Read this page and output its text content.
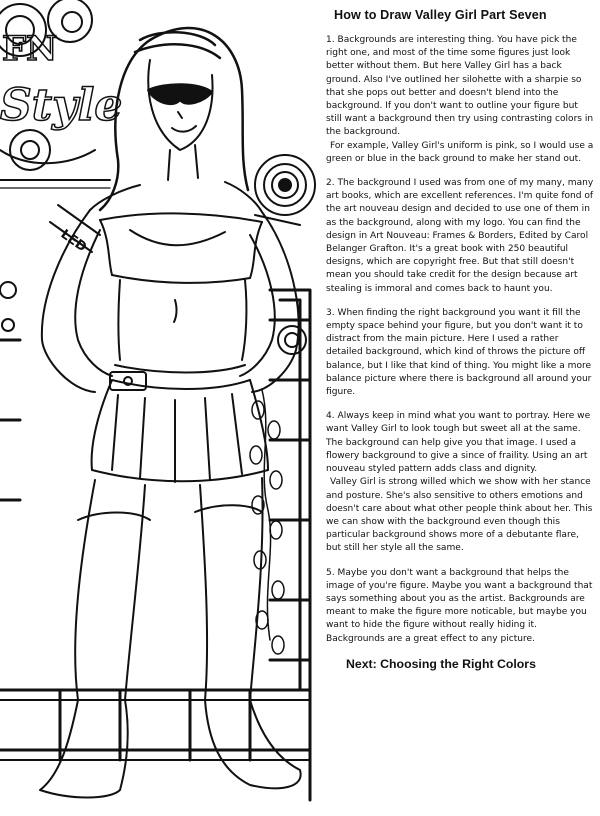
FN
Style
LED
How to Draw Valley Girl Part Seven

1. Backgrounds are interesting thing. You have pick the right one, and most of the time some figures just look better without them. But here Valley Girl has a back ground. Also I've outlined her silohette with a sharpie so that she pops out better and doesn't blend into the background. If you don't want to outline your figure but still want a background then try using contrasting colors in the background.

For example, Valley Girl's uniform is pink, so I would use a green or blue in the back ground to make her stand out.

2. The background I used was from one of my many, many art books, which are excellent references. I'm quite fond of the art nouveau design and decided to use one of them in as the background, along with my logo. You can find the design in Art Nouveau: Frames & Borders, Edited by Carol Belanger Grafton. It's a great book with 250 beautiful designs, which are copyright free. But that still doesn't mean you should take credit for the design because art stealing is immoral and comes back to haunt you.

3. When finding the right background you want it fill the empty space behind your figure, but you don't want it to distract from the main picture. Here I used a rather detailed background, which kind of throws the picture off balance, but I like that kind of thing. You might like a more balance picture where there is background all around your figure.

4. Always keep in mind what you want to portray. Here we want Valley Girl to look tough but sweet all at the same. The background can help give you that image. I used a flowery background to give a since of fraility. Using an art nouveau styled pattern adds class and dignity.

Valley Girl is strong willed which we show with her stance and posture. She's also sensitive to others emotions and doesn't care about what other people think about her. This we can show with the background even though this particular background shows more of a debutante flare, but still her style all the same.

5. Maybe you don't want a background that helps the image of you're figure. Maybe you want a background that says something about you as the artist. Backgrounds are meant to make the figure more noticable, but maybe you want to hide the figure without really hiding it. Backgrounds are a great effect to any picture.

Next: Choosing the Right Colors
